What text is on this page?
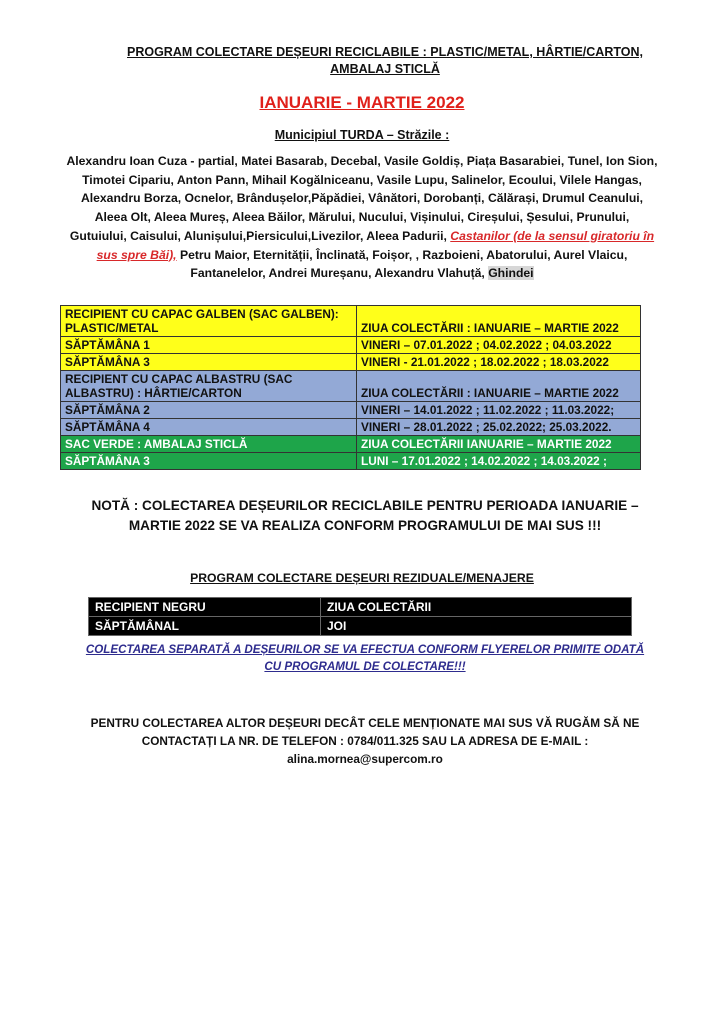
PROGRAM COLECTARE DEȘEURI RECICLABILE : PLASTIC/METAL, HÂRTIE/CARTON, AMBALAJ STICLĂ
IANUARIE - MARTIE 2022
Municipiul TURDA – Străzile :
Alexandru Ioan Cuza - partial, Matei Basarab, Decebal, Vasile Goldiș, Piața Basarabiei, Tunel, Ion Sion, Timotei Cipariu, Anton Pann, Mihail Kogălniceanu, Vasile Lupu, Salinelor, Ecoului, Vilele Hangas, Alexandru Borza, Ocnelor, Brândușelor,Păpădiei, Vânători, Dorobanți, Călărași, Drumul Ceanului, Aleea Olt, Aleea Mureș, Aleea Băilor, Mărului, Nucului, Vișinului, Cireșului, Șesului, Prunului, Gutuiului, Caisului, Alunișului,Piersicului,Livezilor, Aleea Padurii, Castanilor (de la sensul giratoriu în sus spre Băi), Petru Maior, Eternității, Înclinată, Foișor, , Razboieni, Abatorului, Aurel Vlaicu, Fantanelelor, Andrei Mureșanu, Alexandru Vlahuță, Ghindei
RECIPIENT CU CAPAC GALBEN (SAC GALBEN): PLASTIC/METAL	ZIUA COLECTĂRII : IANUARIE – MARTIE 2022
SĂPTĂMÂNA 1	VINERI – 07.01.2022 ; 04.02.2022 ; 04.03.2022
SĂPTĂMÂNA 3	VINERI - 21.01.2022 ; 18.02.2022 ; 18.03.2022
RECIPIENT CU CAPAC ALBASTRU (SAC ALBASTRU) : HÂRTIE/CARTON	ZIUA COLECTĂRII : IANUARIE – MARTIE 2022
SĂPTĂMÂNA 2	VINERI – 14.01.2022 ; 11.02.2022 ; 11.03.2022;
SĂPTĂMÂNA 4	VINERI – 28.01.2022 ; 25.02.2022; 25.03.2022.
SAC VERDE : AMBALAJ STICLĂ	ZIUA COLECTĂRII IANUARIE – MARTIE 2022
SĂPTĂMÂNA 3	LUNI – 17.01.2022 ; 14.02.2022 ; 14.03.2022 ;
NOTĂ : COLECTAREA DEȘEURILOR RECICLABILE PENTRU PERIOADA IANUARIE – MARTIE 2022 SE VA REALIZA CONFORM PROGRAMULUI DE MAI SUS !!!
PROGRAM COLECTARE DEȘEURI REZIDUALE/MENAJERE
RECIPIENT NEGRU	ZIUA COLECTĂRII
SĂPTĂMÂNAL	JOI
COLECTAREA SEPARATĂ A DEȘEURILOR SE VA EFECTUA CONFORM FLYERELOR PRIMITE ODATĂ CU PROGRAMUL DE COLECTARE!!!
PENTRU COLECTAREA ALTOR DEȘEURI DECÂT CELE MENȚIONATE MAI SUS VĂ RUGĂM SĂ NE CONTACTAȚI LA NR. DE TELEFON : 0784/011.325 SAU LA ADRESA DE E-MAIL :
alina.mornea@supercom.ro
